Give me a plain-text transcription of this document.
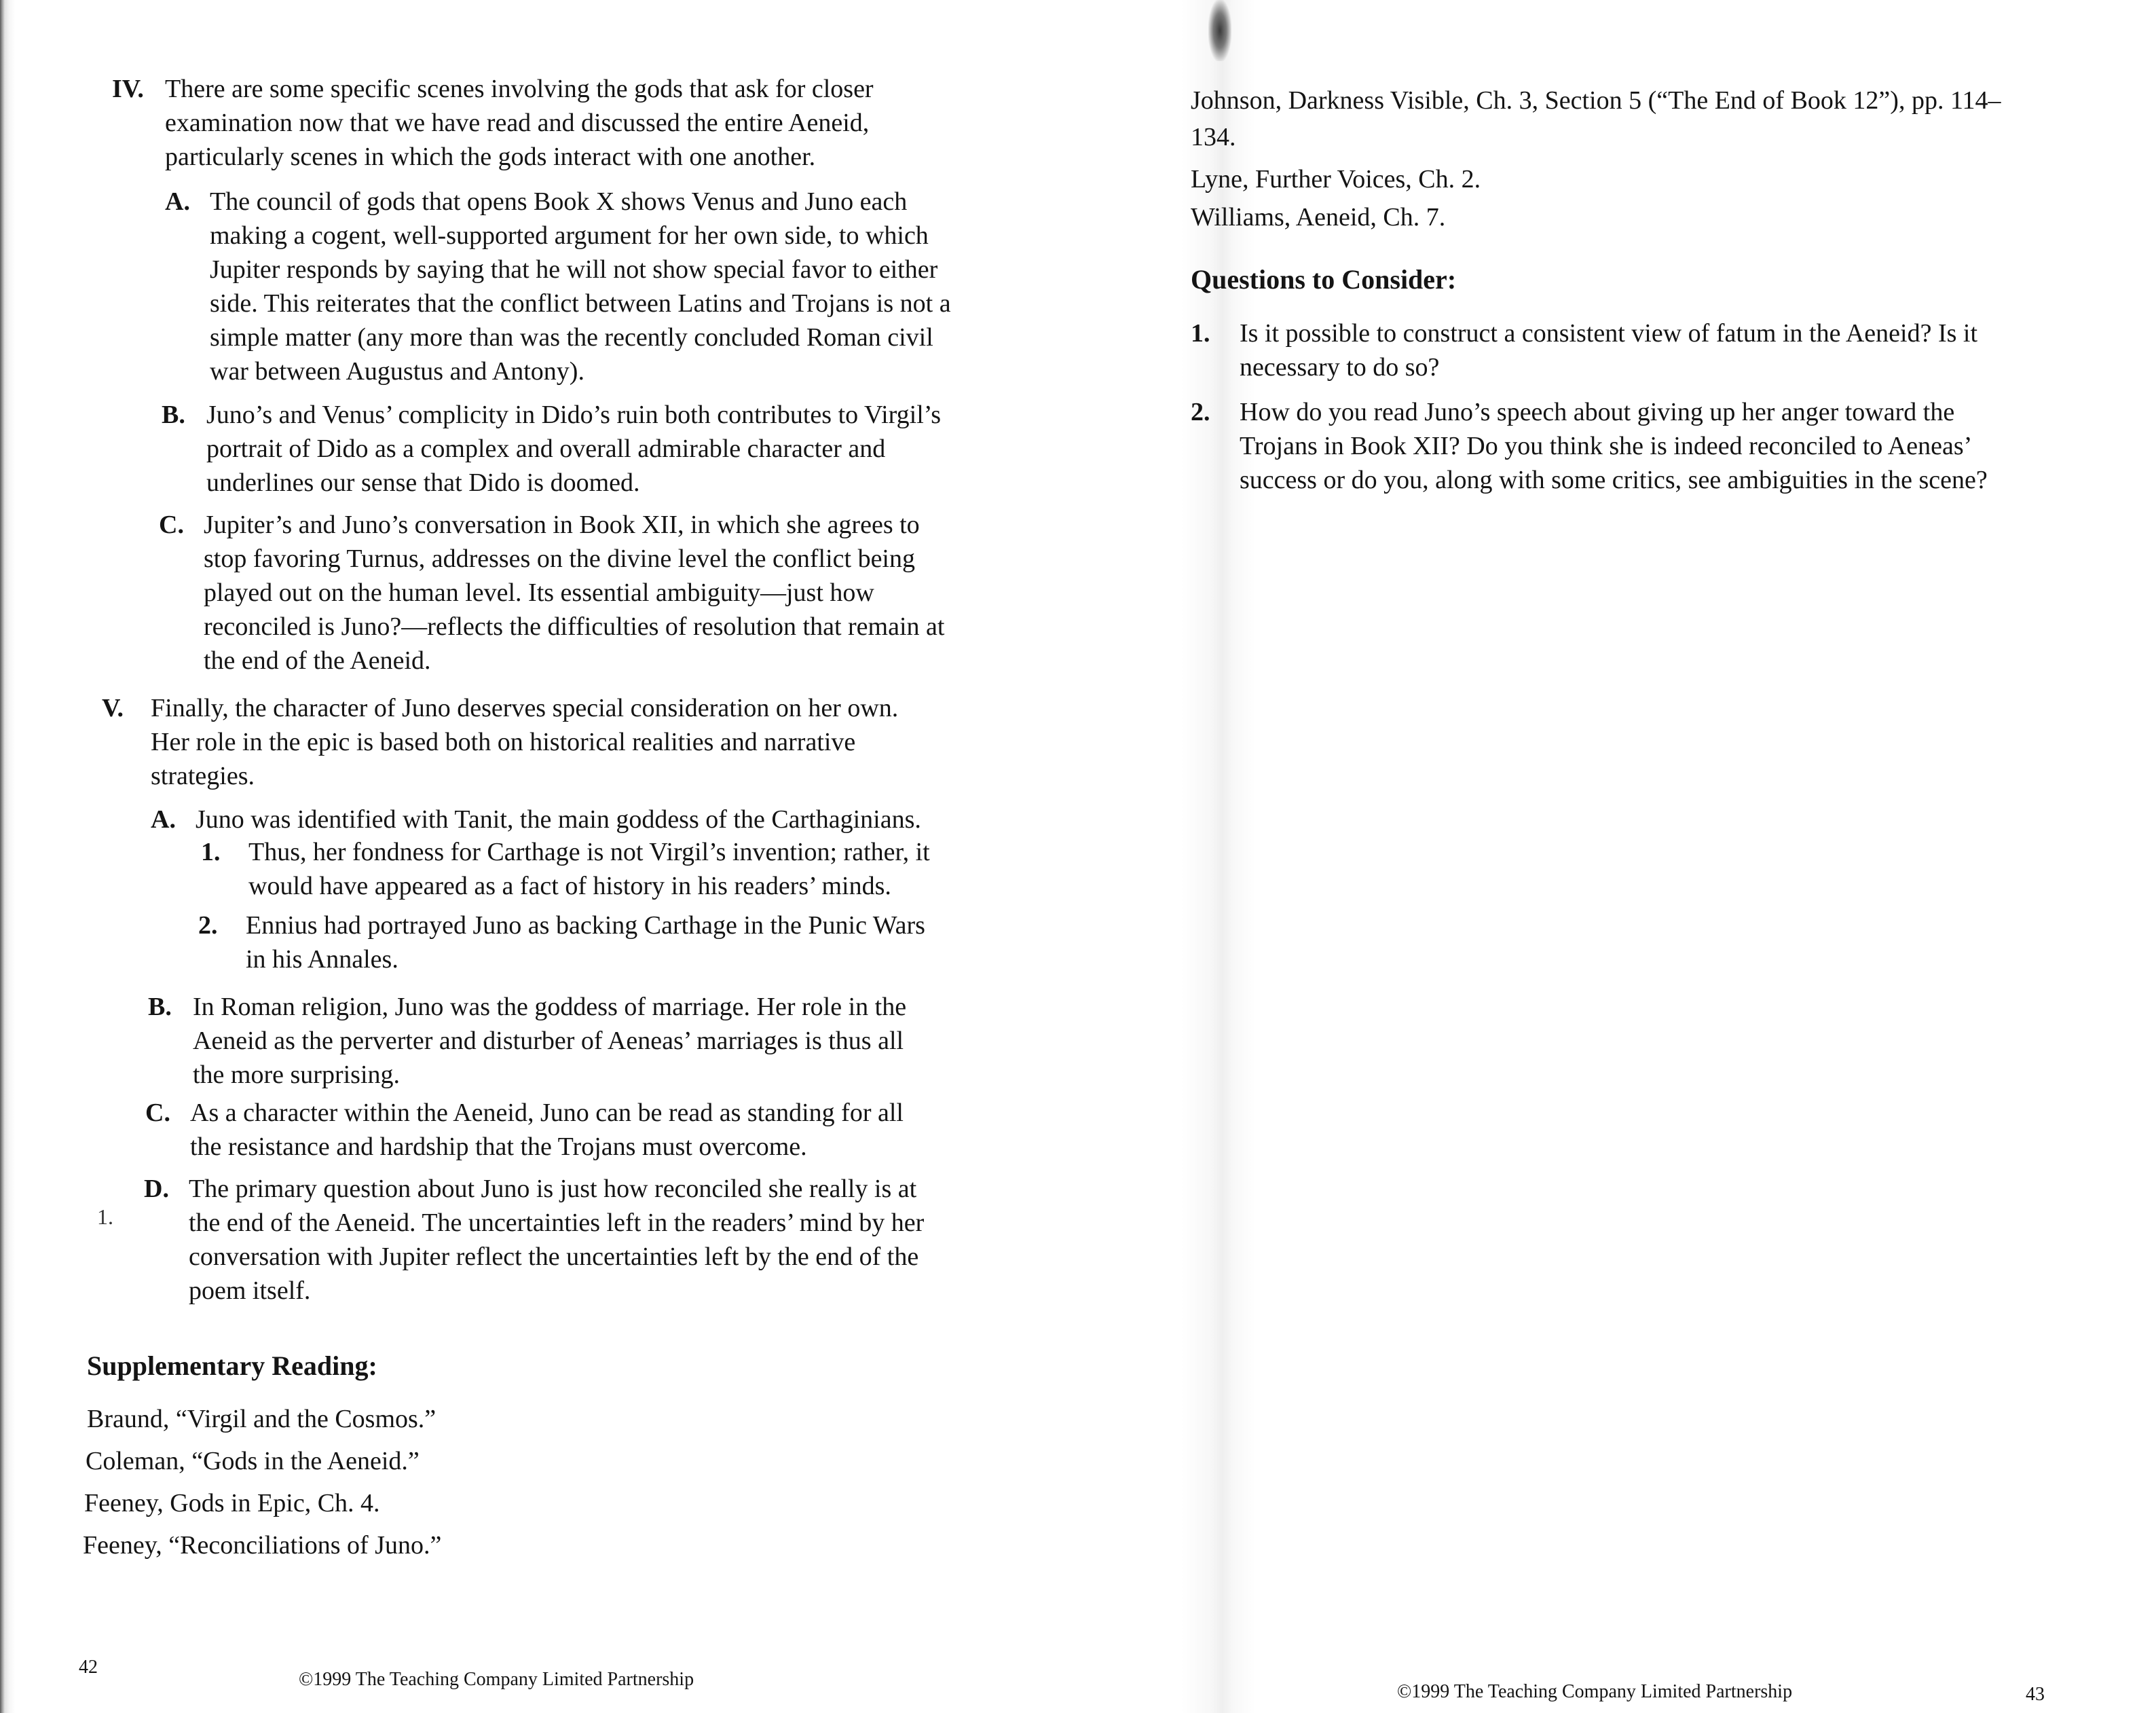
IV. There are some specific scenes involving the gods that ask for closer
examination now that we have read and discussed the entire Aeneid,
particularly scenes in which the gods interact with one another.
A. The council of gods that opens Book X shows Venus and Juno each
making a cogent, well-supported argument for her own side, to which
Jupiter responds by saying that he will not show special favor to either
side. This reiterates that the conflict between Latins and Trojans is not a
simple matter (any more than was the recently concluded Roman civil
war between Augustus and Antony).
B. Juno’s and Venus’ complicity in Dido’s ruin both contributes to Virgil’s
portrait of Dido as a complex and overall admirable character and
underlines our sense that Dido is doomed.
C. Jupiter’s and Juno’s conversation in Book XII, in which she agrees to
stop favoring Turnus, addresses on the divine level the conflict being
played out on the human level. Its essential ambiguity—just how
reconciled is Juno?—reflects the difficulties of resolution that remain at
the end of the Aeneid.
V. Finally, the character of Juno deserves special consideration on her own.
Her role in the epic is based both on historical realities and narrative
strategies.
A. Juno was identified with Tanit, the main goddess of the Carthaginians.
1. Thus, her fondness for Carthage is not Virgil’s invention; rather, it
would have appeared as a fact of history in his readers’ minds.
2. Ennius had portrayed Juno as backing Carthage in the Punic Wars
in his Annales.
B. In Roman religion, Juno was the goddess of marriage. Her role in the
Aeneid as the perverter and disturber of Aeneas’ marriages is thus all
the more surprising.
C. As a character within the Aeneid, Juno can be read as standing for all
the resistance and hardship that the Trojans must overcome.
D. The primary question about Juno is just how reconciled she really is at
the end of the Aeneid. The uncertainties left in the readers’ mind by her
conversation with Jupiter reflect the uncertainties left by the end of the
poem itself.
1.
Supplementary Reading:
Braund, “Virgil and the Cosmos.”
Coleman, “Gods in the Aeneid.”
Feeney, Gods in Epic, Ch. 4.
Feeney, “Reconciliations of Juno.”
42
©1999 The Teaching Company Limited Partnership
Johnson, Darkness Visible, Ch. 3, Section 5 (“The End of Book 12”), pp. 114–
134.
Lyne, Further Voices, Ch. 2.
Williams, Aeneid, Ch. 7.
Questions to Consider:
1. Is it possible to construct a consistent view of fatum in the Aeneid? Is it
necessary to do so?
2. How do you read Juno’s speech about giving up her anger toward the
Trojans in Book XII? Do you think she is indeed reconciled to Aeneas’
success or do you, along with some critics, see ambiguities in the scene?
©1999 The Teaching Company Limited Partnership	43
